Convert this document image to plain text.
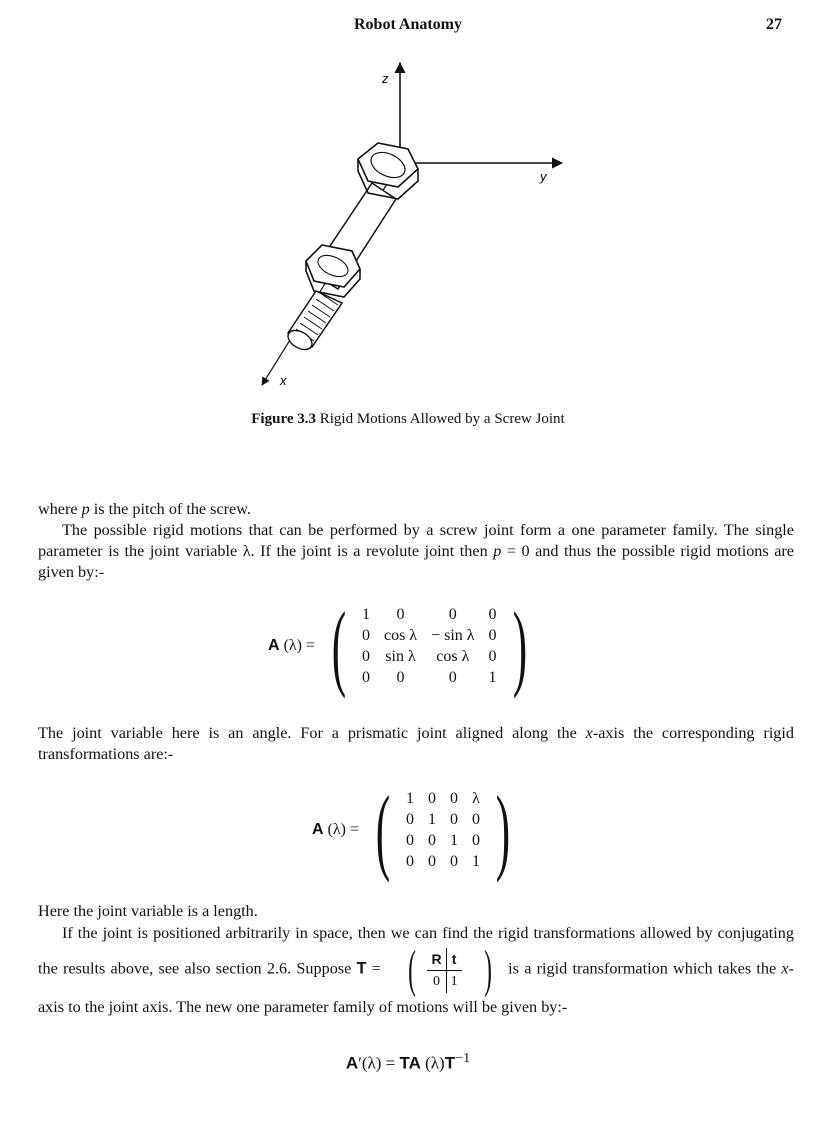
Robot Anatomy	27
z
y
x
Figure 3.3 Rigid Motions Allowed by a Screw Joint
where p is the pitch of the screw.
The possible rigid motions that can be performed by a screw joint form a one parameter family. The single parameter is the joint variable λ. If the joint is a revolute joint then p = 0 and thus the possible rigid motions are given by:-
A (λ) = ( 1	0	0	0
0	cos λ	− sin λ	0
0	sin λ	cos λ	0
0	0	0	1 )
The joint variable here is an angle. For a prismatic joint aligned along the x-axis the corresponding rigid transformations are:-
A (λ) = ( 1	0	0	λ
0	1	0	0
0	0	1	0
0	0	0	1 )
Here the joint variable is a length.
If the joint is positioned arbitrarily in space, then we can find the rigid transformations allowed by conjugating the results above, see also section 2.6. Suppose T = ( R	t
0	1 ) is a rigid transformation which takes the x-axis to the joint axis. The new one parameter family of motions will be given by:-
A′(λ) = TA $(\lambda)T^{-1}$
